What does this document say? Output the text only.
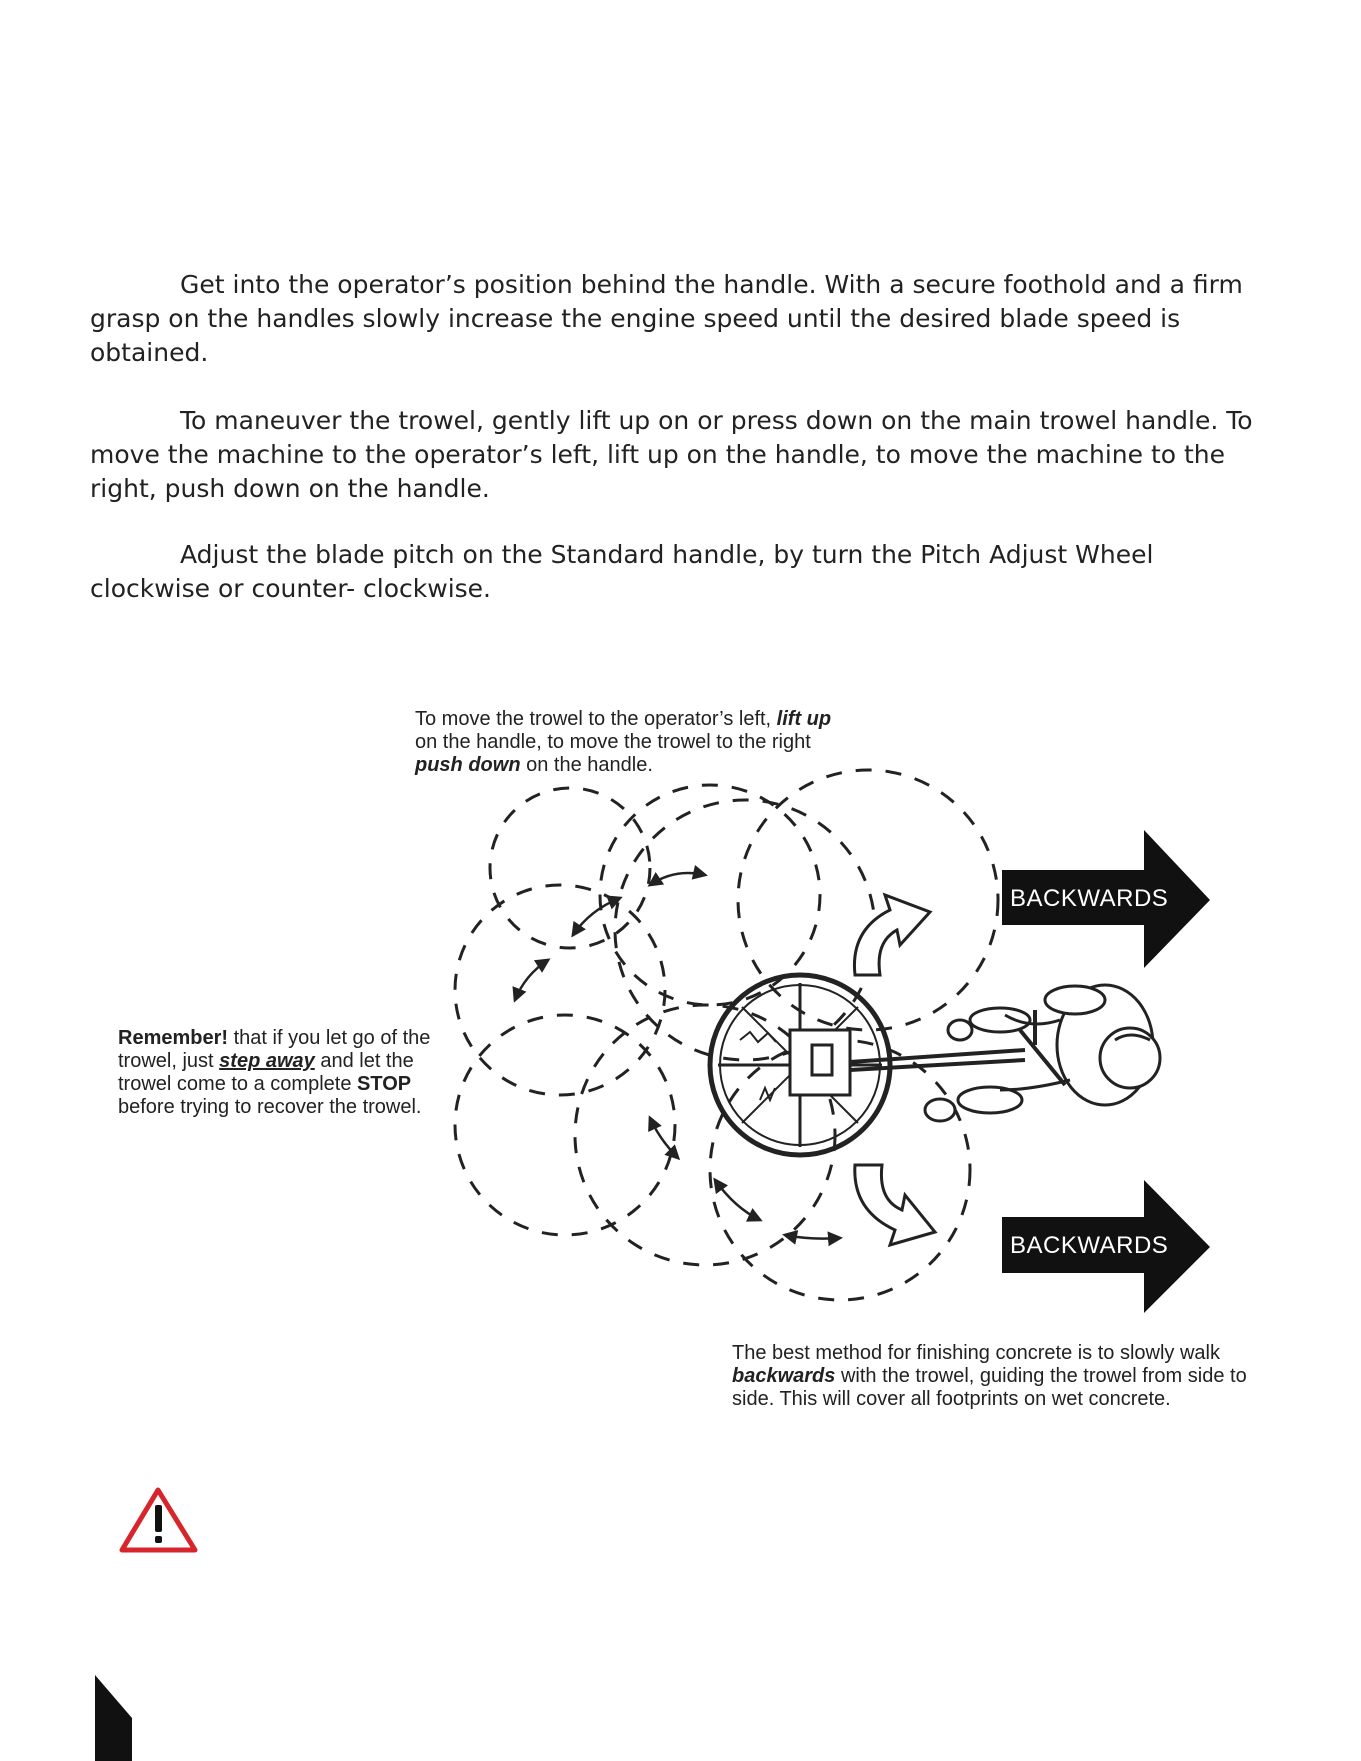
Get into the operator’s position behind the handle. With a secure foothold and a firm grasp on the handles slowly increase the engine speed until the desired blade speed is obtained.

To maneuver the trowel, gently lift up on or press down on the main trowel handle. To move the machine to the operator’s left, lift up on the handle, to move the machine to the right, push down on the handle.

Adjust the blade pitch on the Standard handle, by turn the Pitch Adjust Wheel clockwise or counter- clockwise.

BACKWARDS
BACKWARDS

To move the trowel to the operator’s left, lift up on the handle, to move the trowel to the right push down on the handle.

Remember! that if you let go of the trowel, just step away and let the trowel come to a complete STOP before trying to recover the trowel.

The best method for finishing concrete is to slowly walk backwards with the trowel, guiding the trowel from side to side. This will cover all footprints on wet concrete.
